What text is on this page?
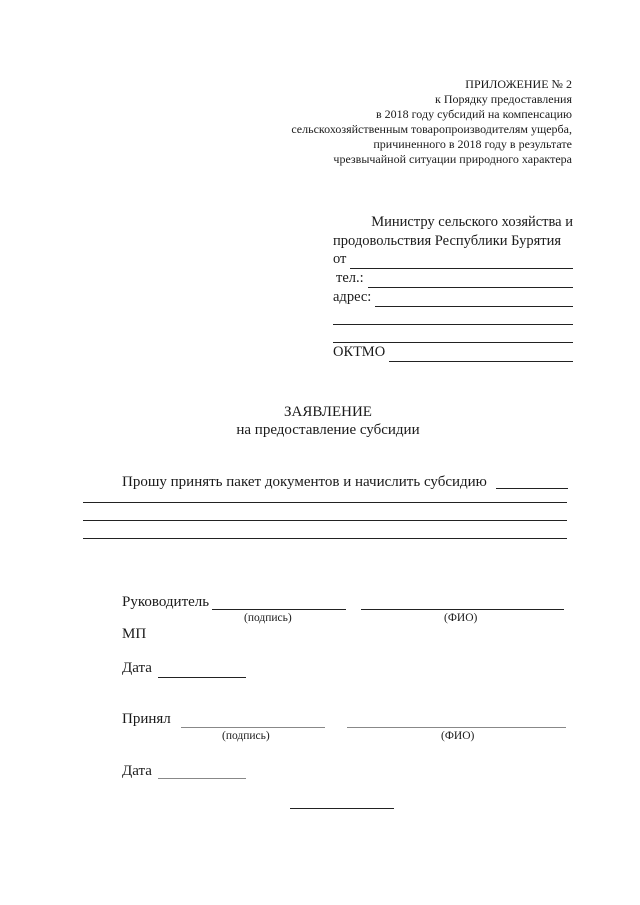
ПРИЛОЖЕНИЕ № 2
к Порядку предоставления
в 2018 году субсидий на компенсацию
сельскохозяйственным товаропроизводителям ущерба,
причиненного в 2018 году в результате
чрезвычайной ситуации природного характера
Министру сельского хозяйства и
продовольствия Республики Бурятия
от
тел.:
адрес:
ОКТМО
ЗАЯВЛЕНИЕ
на предоставление субсидии
Прошу принять пакет документов и начислить субсидию
Руководитель
(подпись)	(ФИО)
МП
Дата
Принял
(подпись)	(ФИО)
Дата
